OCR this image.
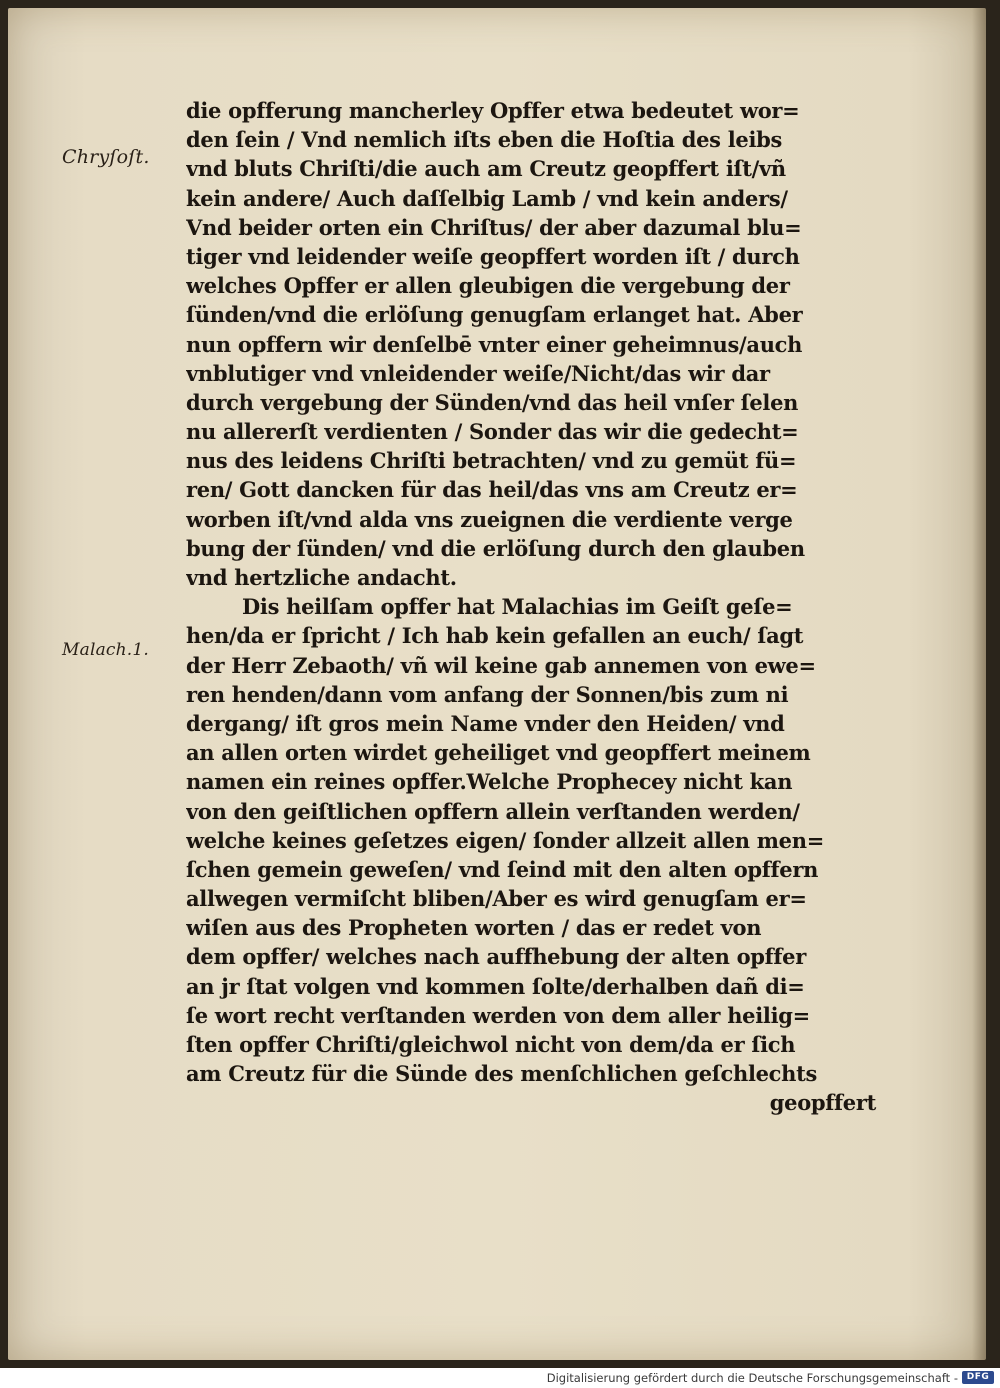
Chryſoſt.
Malach.1.
die opfferung mancherley Opffer etwa bedeutet wor=
den ſein / Vnd nemlich iſts eben die Hoſtia des leibs
vnd bluts Chriſti/die auch am Creutz geopffert iſt/vñ
kein andere/ Auch daſſelbig Lamb / vnd kein anders/
Vnd beider orten ein Chriſtus/ der aber dazumal blu=
tiger vnd leidender weiſe geopffert worden iſt / durch
welches Opffer er allen gleubigen die vergebung der
ſünden/vnd die erlöſung genugſam erlanget hat. Aber
nun opffern wir denſelbē vnter einer geheimnus/auch
vnblutiger vnd vnleidender weiſe/Nicht/das wir dar
durch vergebung der Sünden/vnd das heil vnſer ſelen
nu allererſt verdienten / Sonder das wir die gedecht=
nus des leidens Chriſti betrachten/ vnd zu gemüt fü=
ren/ Gott dancken für das heil/das vns am Creutz er=
worben iſt/vnd alda vns zueignen die verdiente verge
bung der ſünden/ vnd die erlöſung durch den glauben
vnd hertzliche andacht.
Dis heilſam opffer hat Malachias im Geiſt geſe=
hen/da er ſpricht / Ich hab kein gefallen an euch/ ſagt
der Herr Zebaoth/ vñ wil keine gab annemen von ewe=
ren henden/dann vom anfang der Sonnen/bis zum ni
dergang/ iſt gros mein Name vnder den Heiden/ vnd
an allen orten wirdet geheiliget vnd geopffert meinem
namen ein reines opffer.Welche Prophecey nicht kan
von den geiſtlichen opffern allein verſtanden werden/
welche keines geſetzes eigen/ ſonder allzeit allen men=
ſchen gemein geweſen/ vnd ſeind mit den alten opffern
allwegen vermiſcht bliben/Aber es wird genugſam er=
wiſen aus des Propheten worten / das er redet von
dem opffer/ welches nach auffhebung der alten opffer
an jr ſtat volgen vnd kommen ſolte/derhalben dañ di=
ſe wort recht verſtanden werden von dem aller heilig=
ſten opffer Chriſti/gleichwol nicht von dem/da er ſich
am Creutz für die Sünde des menſchlichen geſchlechts
geopffert
Digitalisierung gefördert durch die Deutsche Forschungsgemeinschaft - DFG
